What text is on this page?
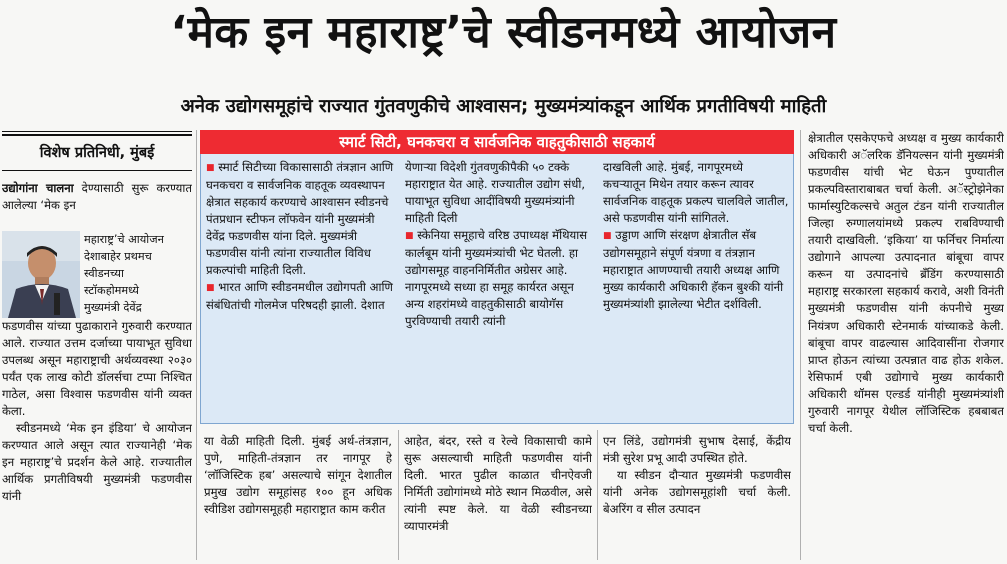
‘मेक इन महाराष्ट्र’चे स्वीडनमध्ये आयोजन
अनेक उद्योगसमूहांचे राज्यात गुंतवणुकीचे आश्वासन; मुख्यमंत्र्यांकडून आर्थिक प्रगतीविषयी माहिती
विशेष प्रतिनिधी, मुंबई

उद्योगांना चालना देण्यासाठी सुरू करण्यात आलेल्या ‘मेक इन

महाराष्ट्र’चे आयोजन

देशाबाहेर प्रथमच

स्वीडनच्या

स्टॉकहोममध्ये

मुख्यमंत्री देवेंद्र

फडणवीस यांच्या पुढाकाराने गुरुवारी करण्यात आले. राज्यात उत्तम दर्जाच्या पायाभूत सुविधा उपलब्ध असून महाराष्ट्राची अर्थव्यवस्था २०३० पर्यंत एक लाख कोटी डॉलर्सचा टप्पा निश्चित गाठेल, असा विश्वास फडणवीस यांनी व्यक्त केला.

स्वीडनमध्ये ‘मेक इन इंडिया’ चे आयोजन करण्यात आले असून त्यात राज्यानेही ‘मेक इन महाराष्ट्र’चे प्रदर्शन केले आहे. राज्यातील आर्थिक प्रगतीविषयी मुख्यमंत्री फडणवीस यांनी

स्मार्ट सिटी, घनकचरा व सार्वजनिक वाहतुकीसाठी सहकार्य

■ स्मार्ट सिटीच्या विकासासाठी तंत्रज्ञान आणि घनकचरा व सार्वजनिक वाहतूक व्यवस्थापन क्षेत्रात सहकार्य करण्याचे आश्वासन स्वीडनचे पंतप्रधान स्टीफन लॉफवेन यांनी मुख्यमंत्री देवेंद्र फडणवीस यांना दिले. मुख्यमंत्री फडणवीस यांनी त्यांना राज्यातील विविध प्रकल्पांची माहिती दिली.

■ भारत आणि स्वीडनमधील उद्योगपती आणि संबंधितांची गोलमेज परिषदही झाली. देशात

येणाऱ्या विदेशी गुंतवणुकीपैकी ५० टक्के महाराष्ट्रात येत आहे. राज्यातील उद्योग संधी, पायाभूत सुविधा आदींविषयी मुख्यमंत्र्यांनी माहिती दिली

■ स्केनिया समूहाचे वरिष्ठ उपाध्यक्ष मॅथियास कार्लबूम यांनी मुख्यमंत्र्यांची भेट घेतली. हा उद्योगसमूह वाहननिर्मितीत अग्रेसर आहे. नागपूरमध्ये सध्या हा समूह कार्यरत असून अन्य शहरांमध्ये वाहतुकीसाठी बायोगॅस पुरविण्याची तयारी त्यांनी

दाखविली आहे. मुंबई, नागपूरमध्ये कचऱ्यातून मिथेन तयार करून त्यावर सार्वजनिक वाहतूक प्रकल्प चालविले जातील, असे फडणवीस यांनी सांगितले.

■ उड्डाण आणि संरक्षण क्षेत्रातील सॅब उद्योगसमूहाने संपूर्ण यंत्रणा व तंत्रज्ञान महाराष्ट्रात आणण्याची तयारी अध्यक्ष आणि मुख्य कार्यकारी अधिकारी हॅकन बुश्की यांनी मुख्यमंत्र्यांशी झालेल्या भेटीत दर्शविली.

या वेळी माहिती दिली. मुंबई अर्थ-तंत्रज्ञान, पुणे, माहिती-तंत्रज्ञान तर नागपूर हे ‘लॉजिस्टिक हब’ असल्याचे सांगून देशातील प्रमुख उद्योग समूहांसह १०० हून अधिक स्वीडिश उद्योगसमूहही महाराष्ट्रात काम करीत
आहेत, बंदर, रस्ते व रेल्वे विकासाची कामे सुरू असल्याची माहिती फडणवीस यांनी दिली. भारत पुढील काळात चीनऐवजी निर्मिती उद्योगांमध्ये मोठे स्थान मिळवील, असे त्यांनी स्पष्ट केले. या वेळी स्वीडनच्या व्यापारमंत्री

एन लिंडे, उद्योगमंत्री सुभाष देसाई, केंद्रीय मंत्री सुरेश प्रभू आदी उपस्थित होते.

या स्वीडन दौऱ्यात मुख्यमंत्री फडणवीस यांनी अनेक उद्योगसमूहांशी चर्चा केली. बेअरिंग व सील उत्पादन

क्षेत्रातील एसकेएफचे अध्यक्ष व मुख्य कार्यकारी अधिकारी अॅलरिक डॅनियल्सन यांनी मुख्यमंत्री फडणवीस यांची भेट घेऊन पुण्यातील प्रकल्पविस्ताराबाबत चर्चा केली. अॅस्ट्रोझेनेका फार्मास्युटिकल्सचे अतुल टंडन यांनी राज्यातील जिल्हा रुग्णालयांमध्ये प्रकल्प राबविण्याची तयारी दाखविली. ‘इकिया’ या फर्निचर निर्मात्या उद्योगाने आपल्या उत्पादनात बांबूचा वापर करून या उत्पादनांचे ब्रँडिंग करण्यासाठी महाराष्ट्र सरकारला सहकार्य करावे, अशी विनंती मुख्यमंत्री फडणवीस यांनी कंपनीचे मुख्य नियंत्रण अधिकारी स्टेनमार्क यांच्याकडे केली. बांबूचा वापर वाढल्यास आदिवासींना रोजगार प्राप्त होऊन त्यांच्या उत्पन्नात वाढ होऊ शकेल. रेसिफार्म एबी उद्योगाचे मुख्य कार्यकारी अधिकारी थॉमस एल्डर्ड यांनीही मुख्यमंत्र्यांशी गुरुवारी नागपूर येथील लॉजिस्टिक हबबाबत चर्चा केली.
